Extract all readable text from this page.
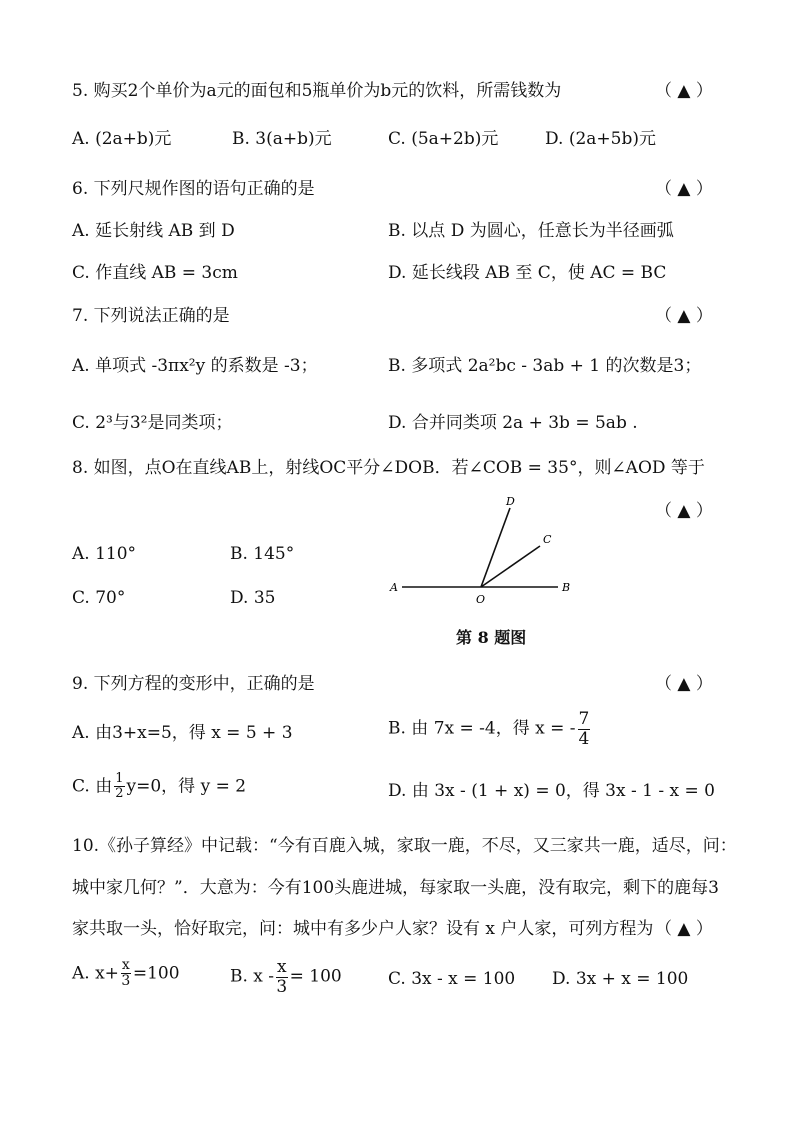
5. 购买2个单价为a元的面包和5瓶单价为b元的饮料，所需钱数为	（ ▲ ）
A. (2a+b)元	B. 3(a+b)元	C. (5a+2b)元	D. (2a+5b)元
6. 下列尺规作图的语句正确的是	（ ▲ ）
A. 延长射线 AB 到 D	B. 以点 D 为圆心，任意长为半径画弧
C. 作直线 AB = 3cm	D. 延长线段 AB 至 C，使 AC = BC
7. 下列说法正确的是	（ ▲ ）
A. 单项式 -3πx²y 的系数是 -3；	B. 多项式 2a²bc - 3ab + 1 的次数是3；
C. 2³与3²是同类项；	D. 合并同类项 2a + 3b = 5ab .
8. 如图，点O在直线AB上，射线OC平分∠DOB．若∠COB = 35°，则∠AOD 等于
（ ▲ ）
A. 110°	B. 145°
C. 70°	D. 35
D
C
A
O
B
第 8 题图
9. 下列方程的变形中，正确的是	（ ▲ ）
A. 由3+x=5，得 x = 5 + 3	B. 由 7x = -4，得 x = - $\frac{7}{4}$
C. 由 $\frac{1}{2} y=0$，得 y = 2	D. 由 3x - (1 + x) = 0，得 3x - 1 - x = 0
10.《孙子算经》中记载：“今有百鹿入城，家取一鹿，不尽，又三家共一鹿，适尽，问：
城中家几何？”．大意为：今有100头鹿进城，每家取一头鹿，没有取完，剩下的鹿每3
家共取一头，恰好取完，问：城中有多少户人家？设有 x 户人家，可列方程为 （ ▲ ）
A. $x+ \frac{x}{3} =100$	B. $x - \frac{x}{3} = 100$	C. 3x - x = 100 D. 3x + x = 100
